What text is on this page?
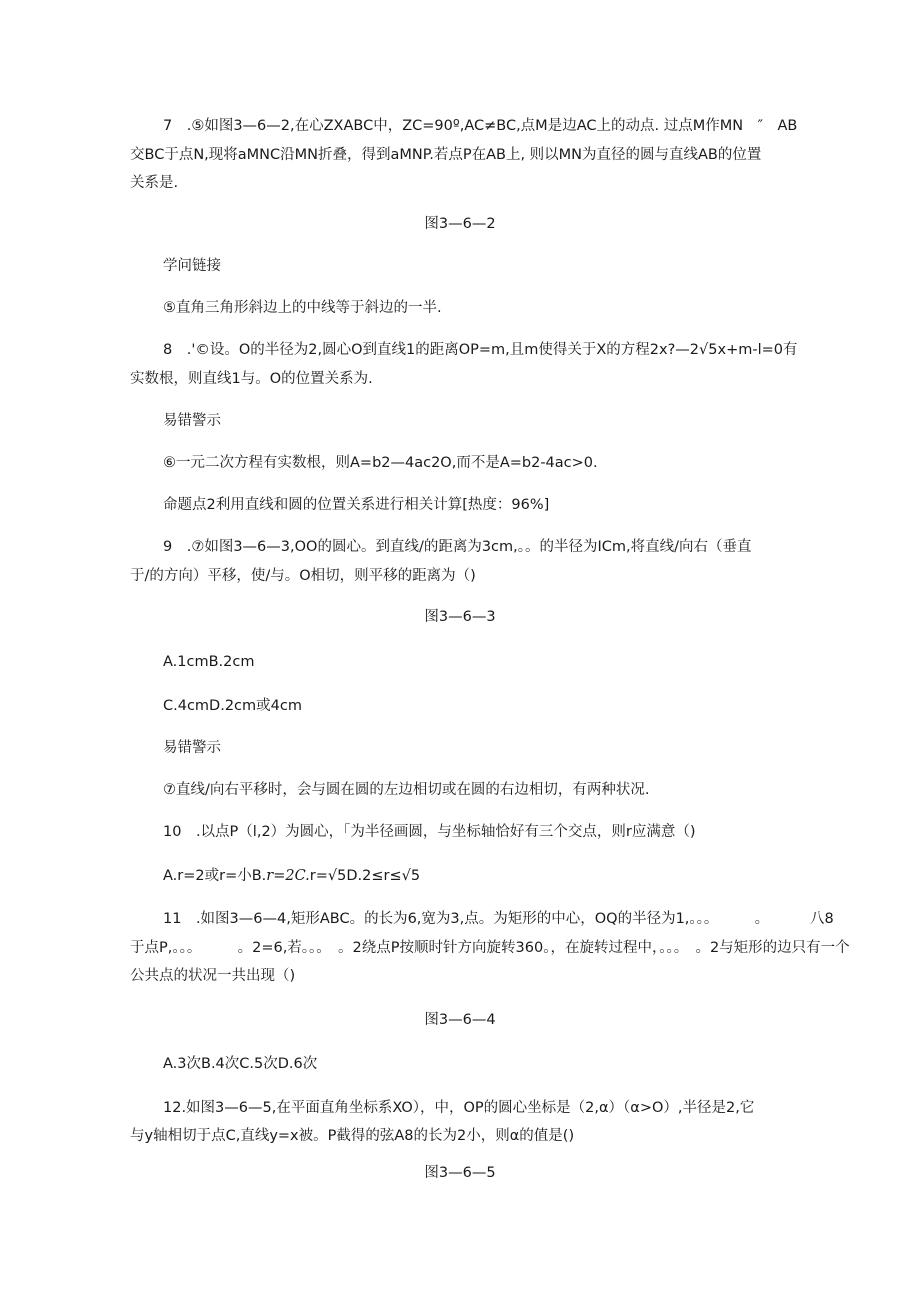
7　.⑤如图3—6—2,在心ZXABC中，ZC=90º,AC≠BC,点M是边AC上的动点. 过点M作MN　″　AB
交BC于点N,现将aMNC沿MN折叠，得到aMNP.若点P在AB上, 则以MN为直径的圆与直线AB的位置
关系是.
图3—6—2
学问链接
⑤直角三角形斜边上的中线等于斜边的一半.
8　.'©设。O的半径为2,圆心O到直线1的距离OP=m,且m使得关于X的方程2x?—2√5x+m-l=0有
实数根，则直线1与。O的位置关系为.
易错警示
⑥一元二次方程有实数根，则A=b2—4ac2O,而不是A=b2-4ac>0.
命题点2利用直线和圆的位置关系进行相关计算[热度：96%]
9　.⑦如图3—6—3,OO的圆心。到直线/的距离为3cm,。。的半径为ICm,将直线/向右（垂直
于/的方向）平移，使/与。O相切，则平移的距离为（)
图3—6—3
A.1cmB.2cm
C.4cmD.2cm或4cm
易错警示
⑦直线/向右平移时，会与圆在圆的左边相切或在圆的右边相切，有两种状况.
10　.以点P（l,2）为圆心，「为半径画圆，与坐标轴恰好有三个交点，则r应满意（)
A.r=2或r=小B.r=2C.r=√5D.2≤r≤√5
11　.如图3—6—4,矩形ABC。的长为6,宽为3,点。为矩形的中心，OQ的半径为1,。。。　　　。　　　 八8
于点P,。。。　　　。2=6,若。。。　。2绕点P按顺时针方向旋转360。，在旋转过程中，。。。　。2与矩形的边只有一个
公共点的状况一共出现（)
图3—6—4
A.3次B.4次C.5次D.6次
12.如图3—6—5,在平面直角坐标系XO），中，OP的圆心坐标是（2,α）（α>O）,半径是2,它
与y轴相切于点C,直线y=x被。P截得的弦A8的长为2小，则α的值是()
图3—6—5
